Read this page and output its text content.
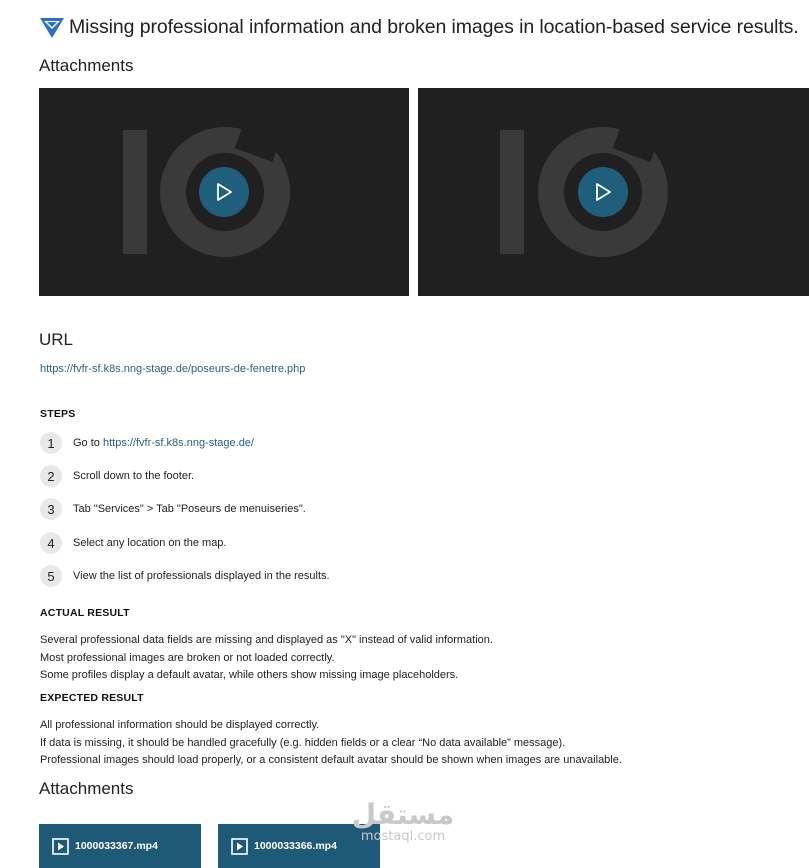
Missing professional information and broken images in location-based service results.
Attachments
URL
https://fvfr-sf.k8s.nng-stage.de/poseurs-de-fenetre.php
STEPS
1	Go to https://fvfr-sf.k8s.nng-stage.de/
2	Scroll down to the footer.
3	Tab "Services" > Tab "Poseurs de menuiseries".
4	Select any location on the map.
5	View the list of professionals displayed in the results.
ACTUAL RESULT
Several professional data fields are missing and displayed as "X" instead of valid information.
Most professional images are broken or not loaded correctly.
Some profiles display a default avatar, while others show missing image placeholders.
EXPECTED RESULT
All professional information should be displayed correctly.
If data is missing, it should be handled gracefully (e.g. hidden fields or a clear “No data available” message).
Professional images should load properly, or a consistent default avatar should be shown when images are unavailable.
Attachments
1000033367.mp4	1000033366.mp4
مستقل
mostaql.com
